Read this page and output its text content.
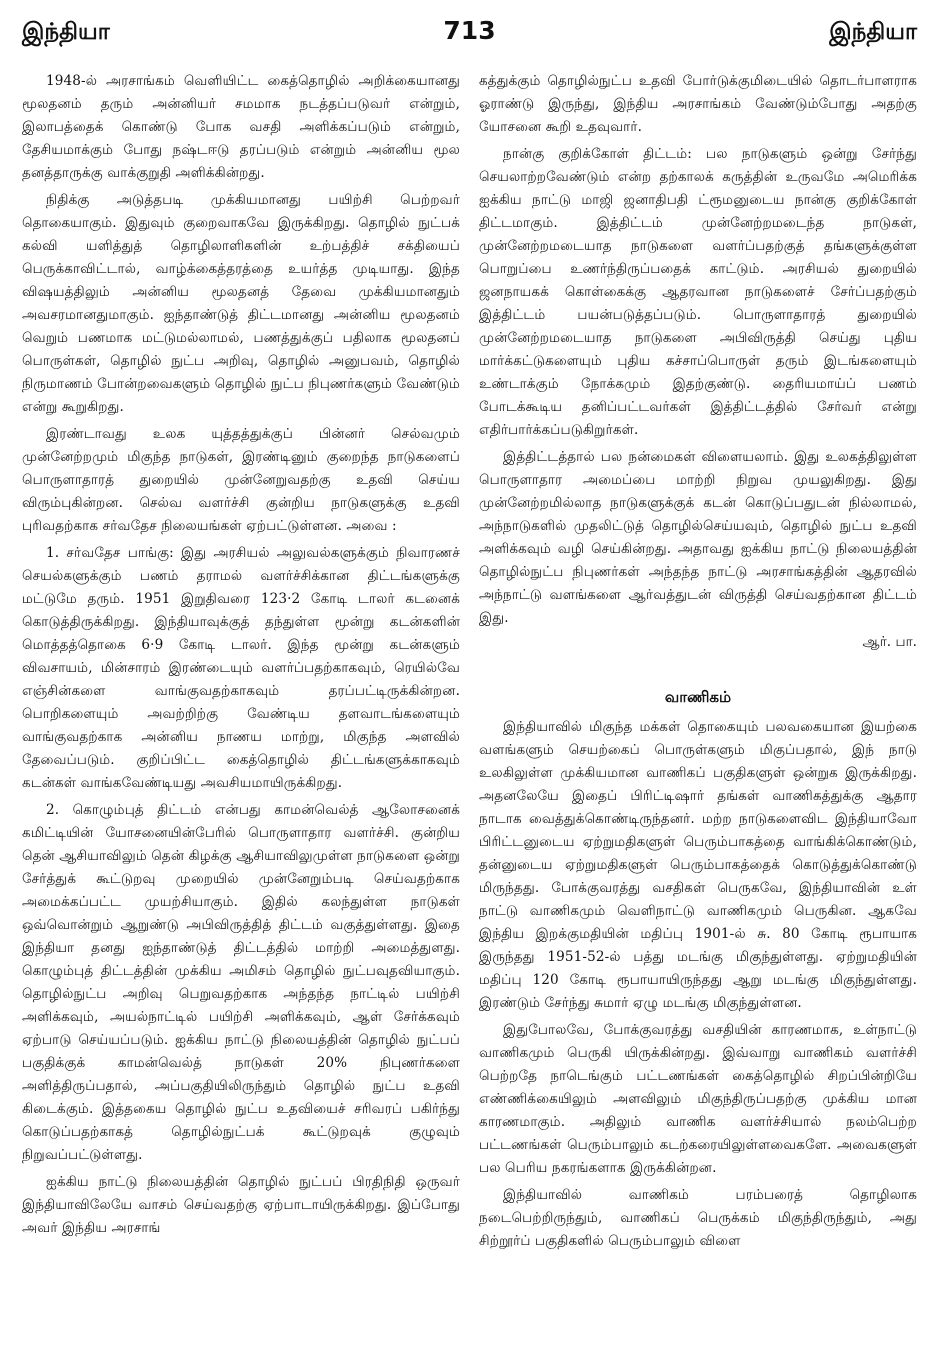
இந்தியா	713	இந்தியா

1948-ல் அரசாங்கம் வெளியிட்ட கைத்தொழில் அறிக்கையானது மூலதனம் தரும் அன்னியர் சமமாக நடத்தப்படுவர் என்றும், இலாபத்தைக் கொண்டு போக வசதி அளிக்கப்படும் என்றும், தேசியமாக்கும் போது நஷ்டஈடு தரப்படும் என்றும் அன்னிய மூல தனத்தாருக்கு வாக்குறுதி அளிக்கின்றது.

நிதிக்கு அடுத்தபடி முக்கியமானது பயிற்சி பெற்றவர் தொகையாகும். இதுவும் குறைவாகவே இருக்கிறது. தொழில் நுட்பக் கல்வி யளித்துத் தொழிலாளிகளின் உற்பத்திச் சக்தியைப் பெருக்காவிட்டால், வாழ்க்கைத்தரத்தை உயர்த்த முடியாது. இந்த விஷயத்திலும் அன்னிய மூலதனத் தேவை முக்கியமானதும் அவசரமானதுமாகும். ஐந்தாண்டுத் திட்டமானது அன்னிய மூலதனம் வெறும் பணமாக மட்டுமல்லாமல், பணத்துக்குப் பதிலாக மூலதனப் பொருள்கள், தொழில் நுட்ப அறிவு, தொழில் அனுபவம், தொழில் நிருமாணம் போன்றவைகளும் தொழில் நுட்ப நிபுணர்களும் வேண்டும் என்று கூறுகிறது.

இரண்டாவது உலக யுத்தத்துக்குப் பின்னர் செல்வமும் முன்னேற்றமும் மிகுந்த நாடுகள், இரண்டினும் குறைந்த நாடுகளைப் பொருளாதாரத் துறையில் முன்னேறுவதற்கு உதவி செய்ய விரும்புகின்றன. செல்வ வளர்ச்சி குன்றிய நாடுகளுக்கு உதவி புரிவதற்காக சர்வதேச நிலையங்கள் ஏற்பட்டுள்ளன. அவை :

1. சர்வதேச பாங்கு: இது அரசியல் அலுவல்களுக்கும் நிவாரணச் செயல்களுக்கும் பணம் தராமல் வளர்ச்சிக்கான திட்டங்களுக்கு மட்டுமே தரும். 1951 இறுதிவரை 123·2 கோடி டாலர் கடனைக் கொடுத்திருக்கிறது. இந்தியாவுக்குத் தந்துள்ள மூன்று கடன்களின் மொத்தத்தொகை 6·9 கோடி டாலர். இந்த மூன்று கடன்களும் விவசாயம், மின்சாரம் இரண்டையும் வளர்ப்பதற்காகவும், ரெயில்வே எஞ்சின்களை வாங்குவதற்காகவும் தரப்பட்டிருக்கின்றன. பொறிகளையும் அவற்றிற்கு வேண்டிய தளவாடங்களையும் வாங்குவதற்காக அன்னிய நாணய மாற்று, மிகுந்த அளவில் தேவைப்படும். குறிப்பிட்ட கைத்தொழில் திட்டங்களுக்காகவும் கடன்கள் வாங்கவேண்டியது அவசியமாயிருக்கிறது.

2. கொழும்புத் திட்டம் என்பது காமன்வெல்த் ஆலோசனைக் கமிட்டியின் யோசனையின்பேரில் பொருளாதார வளர்ச்சி. குன்றிய தென் ஆசியாவிலும் தென் கிழக்கு ஆசியாவிலுமுள்ள நாடுகளை ஒன்று சேர்த்துக் கூட்டுறவு முறையில் முன்னேறும்படி செய்வதற்காக அமைக்கப்பட்ட முயற்சியாகும். இதில் கலந்துள்ள நாடுகள் ஒவ்வொன்றும் ஆறுண்டு அபிவிருத்தித் திட்டம் வகுத்துள்ளது. இதை இந்தியா தனது ஐந்தாண்டுத் திட்டத்தில் மாற்றி அமைத்துளது. கொழும்புத் திட்டத்தின் முக்கிய அமிசம் தொழில் நுட்பவுதவியாகும். தொழில்நுட்ப அறிவு பெறுவதற்காக அந்தந்த நாட்டில் பயிற்சி அளிக்கவும், அயல்நாட்டில் பயிற்சி அளிக்கவும், ஆள் சேர்க்கவும் ஏற்பாடு செய்யப்படும். ஐக்கிய நாட்டு நிலையத்தின் தொழில் நுட்பப் பகுதிக்குக் காமன்வெல்த் நாடுகள் 20% நிபுணர்களை அளித்திருப்பதால், அப்பகுதியிலிருந்தும் தொழில் நுட்ப உதவி கிடைக்கும். இத்தகைய தொழில் நுட்ப உதவியைச் சரிவரப் பகிர்ந்து கொடுப்பதற்காகத் தொழில்நுட்பக் கூட்டுறவுக் குழுவும் நிறுவப்பட்டுள்ளது.

ஐக்கிய நாட்டு நிலையத்தின் தொழில் நுட்பப் பிரதிநிதி ஒருவர் இந்தியாவிலேயே வாசம் செய்வதற்கு ஏற்பாடாயிருக்கிறது. இப்போது அவர் இந்திய அரசாங்

கத்துக்கும் தொழில்நுட்ப உதவி போர்டுக்குமிடையில் தொடர்பாளராக ஓராண்டு இருந்து, இந்திய அரசாங்கம் வேண்டும்போது அதற்கு யோசனை கூறி உதவுவார்.

நான்கு குறிக்கோள் திட்டம்: பல நாடுகளும் ஒன்று சேர்ந்து செயலாற்றவேண்டும் என்ற தற்காலக் கருத்தின் உருவமே அமெரிக்க ஐக்கிய நாட்டு மாஜி ஜனாதிபதி ட்ரூமனுடைய நான்கு குறிக்கோள் திட்டமாகும். இத்திட்டம் முன்னேற்றமடைந்த நாடுகள், முன்னேற்றமடையாத நாடுகளை வளர்ப்பதற்குத் தங்களுக்குள்ள பொறுப்பை உணர்ந்திருப்பதைக் காட்டும். அரசியல் துறையில் ஜனநாயகக் கொள்கைக்கு ஆதரவான நாடுகளைச் சேர்ப்பதற்கும் இத்திட்டம் பயன்படுத்தப்படும். பொருளாதாரத் துறையில் முன்னேற்றமடையாத நாடுகளை அபிவிருத்தி செய்து புதிய மார்க்கட்டுகளையும் புதிய கச்சாப்பொருள் தரும் இடங்களையும் உண்டாக்கும் நோக்கமும் இதற்குண்டு. தைரியமாய்ப் பணம் போடக்கூடிய தனிப்பட்டவர்கள் இத்திட்டத்தில் சேர்வர் என்று எதிர்பார்க்கப்படுகிறுர்கள்.

இத்திட்டத்தால் பல நன்மைகள் விளையலாம். இது உலகத்திலுள்ள பொருளாதார அமைப்பை மாற்றி நிறுவ முயலுகிறது. இது முன்னேற்றமில்லாத நாடுகளுக்குக் கடன் கொடுப்பதுடன் நில்லாமல், அந்நாடுகளில் முதலிட்டுத் தொழில்செய்யவும், தொழில் நுட்ப உதவி அளிக்கவும் வழி செய்கின்றது. அதாவது ஐக்கிய நாட்டு நிலையத்தின் தொழில்நுட்ப நிபுணர்கள் அந்தந்த நாட்டு அரசாங்கத்தின் ஆதரவில் அந்நாட்டு வளங்களை ஆர்வத்துடன் விருத்தி செய்வதற்கான திட்டம் இது.

ஆர். பா.

வாணிகம்

இந்தியாவில் மிகுந்த மக்கள் தொகையும் பலவகையான இயற்கை வளங்களும் செயற்கைப் பொருள்களும் மிகுப்பதால், இந் நாடு உலகிலுள்ள முக்கியமான வாணிகப் பகுதிகளுள் ஒன்றுக இருக்கிறது. அதனலேயே இதைப் பிரிட்டிஷார் தங்கள் வாணிகத்துக்கு ஆதார நாடாக வைத்துக்கொண்டிருந்தனர். மற்ற நாடுகளைவிட இந்தியாவோ பிரிட்டனுடைய ஏற்றுமதிகளுள் பெரும்பாகத்தை வாங்கிக்கொண்டும், தன்னுடைய ஏற்றுமதிகளுள் பெரும்பாகத்தைக் கொடுத்துக்கொண்டு மிருந்தது. போக்குவரத்து வசதிகள் பெருகவே, இந்தியாவின் உள் நாட்டு வாணிகமும் வெளிநாட்டு வாணிகமும் பெருகின. ஆகவே இந்திய இறக்குமதியின் மதிப்பு 1901-ல் சு. 80 கோடி ரூபாயாக இருந்தது 1951-52-ல் பத்து மடங்கு மிகுந்துள்ளது. ஏற்றுமதியின் மதிப்பு 120 கோடி ரூபாயாயிருந்தது ஆறு மடங்கு மிகுந்துள்ளது. இரண்டும் சேர்ந்து சுமார் ஏழு மடங்கு மிகுந்துள்ளன.

இதுபோலவே, போக்குவரத்து வசதியின் காரணமாக, உள்நாட்டு வாணிகமும் பெருகி யிருக்கின்றது. இவ்வாறு வாணிகம் வளர்ச்சி பெற்றதே நாடெங்கும் பட்டணங்கள் கைத்தொழில் சிறப்பின்றியே எண்ணிக்கையிலும் அளவிலும் மிகுந்திருப்பதற்கு முக்கிய மான காரணமாகும். அதிலும் வாணிக வளர்ச்சியால் நலம்பெற்ற பட்டணங்கள் பெரும்பாலும் கடற்கரையிலுள்ளவைகளே. அவைகளுள் பல பெரிய நகரங்களாக இருக்கின்றன.

இந்தியாவில் வாணிகம் பரம்பரைத் தொழிலாக நடைபெற்றிருந்தும், வாணிகப் பெருக்கம் மிகுந்திருந்தும், அது சிற்றூர்ப் பகுதிகளில் பெரும்பாலும் விளை
